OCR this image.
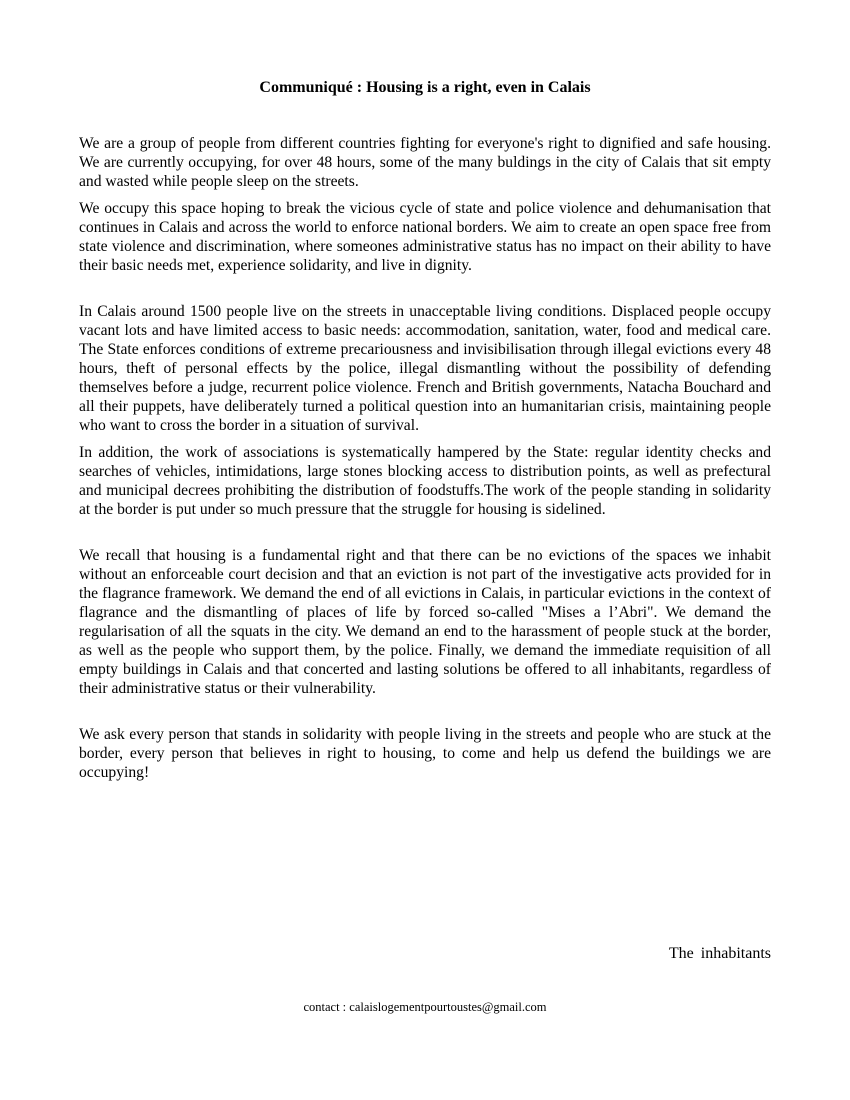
Communiqué : Housing is a right, even in Calais

We are a group of people from different countries fighting for everyone's right to dignified and safe housing. We are currently occupying, for over 48 hours, some of the many buldings in the city of Calais that sit empty and wasted while people sleep on the streets.

We occupy this space hoping to break the vicious cycle of state and police violence and dehumanisation that continues in Calais and across the world to enforce national borders. We aim to create an open space free from state violence and discrimination, where someones administrative status has no impact on their ability to have their basic needs met, experience solidarity, and live in dignity.

In Calais around 1500 people live on the streets in unacceptable living conditions. Displaced people occupy vacant lots and have limited access to basic needs: accommodation, sanitation, water, food and medical care. The State enforces conditions of extreme precariousness and invisibilisation through illegal evictions every 48 hours, theft of personal effects by the police, illegal dismantling without the possibility of defending themselves before a judge, recurrent police violence. French and British governments, Natacha Bouchard and all their puppets, have deliberately turned a political question into an humanitarian crisis, maintaining people who want to cross the border in a situation of survival.

In addition, the work of associations is systematically hampered by the State: regular identity checks and searches of vehicles, intimidations, large stones blocking access to distribution points, as well as prefectural and municipal decrees prohibiting the distribution of foodstuffs.The work of the people standing in solidarity at the border is put under so much pressure that the struggle for housing is sidelined.

We recall that housing is a fundamental right and that there can be no evictions of the spaces we inhabit without an enforceable court decision and that an eviction is not part of the investigative acts provided for in the flagrance framework. We demand the end of all evictions in Calais, in particular evictions in the context of flagrance and the dismantling of places of life by forced so-called "Mises a l’Abri". We demand the regularisation of all the squats in the city. We demand an end to the harassment of people stuck at the border, as well as the people who support them, by the police. Finally, we demand the immediate requisition of all empty buildings in Calais and that concerted and lasting solutions be offered to all inhabitants, regardless of their administrative status or their vulnerability.

We ask every person that stands in solidarity with people living in the streets and people who are stuck at the border, every person that believes in right to housing, to come and help us defend the buildings we are occupying!

The inhabitants
contact : calaislogementpourtoustes@gmail.com
